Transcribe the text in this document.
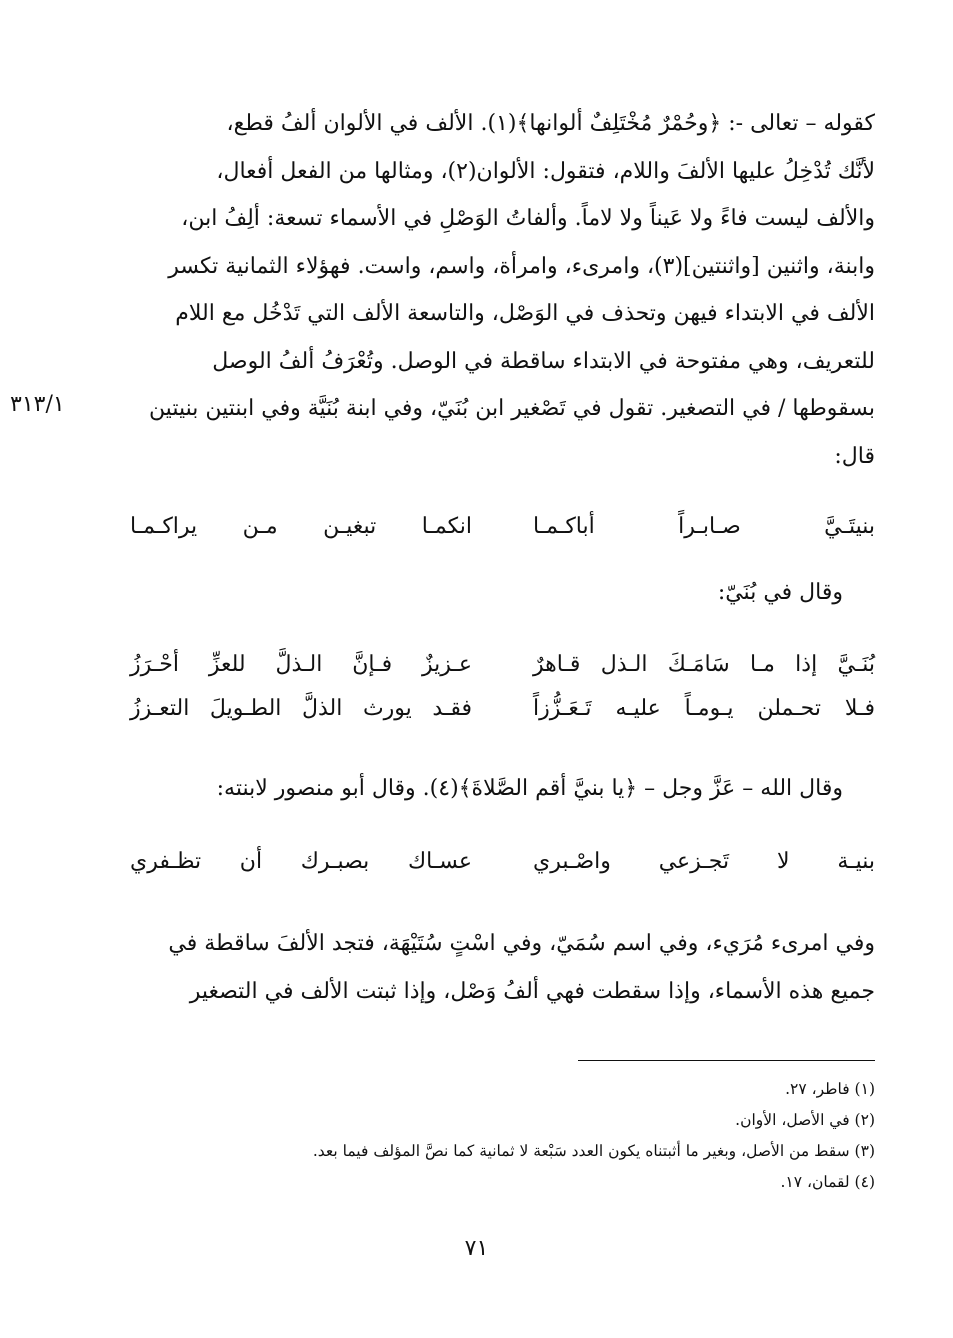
كقوله – تعالى -: ﴿وحُمْرٌ مُخْتَلِفٌ ألوانها﴾(١). الألف في الألوان ألفُ قطع،
لأنَّك تُدْخِلُ عليها الألفَ واللام، فتقول: الألوان(٢)، ومثالها من الفعل أفعال،
والألف ليست فاءً ولا عَيناً ولا لاماً. وألفاتُ الوَصْلِ في الأسماء تسعة: ألِفُ ابن،
وابنة، واثنين [واثنتين](٣)، وامرىء، وامرأة، واسم، واست. فهؤلاء الثمانية تكسر
الألف في الابتداء فيهن وتحذف في الوَصْل، والتاسعة الألف التي تَدْخُل مع اللام
للتعريف، وهي مفتوحة في الابتداء ساقطة في الوصل. وتُعْرَفُ ألفُ الوصل
بسقوطها / في التصغير. تقول في تَصْغير ابن بُنَيّ، وفي ابنة بُنَيَّة وفي ابنتين بنيتين
قال:
٣١٣/١
بنيتَـيَّ
صـابـراً
أباكـمـا
انكمـا
تبغيـن
مـن
يراكـمـا
وقال في بُنَيّ:
بُنَـيَّ
إذا
مـا
سَامَـكَ
الـذل
قـاهرٌ
عـزيزٌ
فـإنَّ
الـذلَّ
للعزِّ
أحْـرَزُ
فـلا
تحـملن
يـومـاً
عليـه
تَـعَـزُّزاً
فقـد
يورث
الذلَّ
الطـويلَ
التعـززُ
وقال الله – عَزَّ وجل – ﴿يا بنيَّ أقم الصَّلاةَ﴾(٤). وقال أبو منصور لابنته:
بنيـة
لا
تَجـزعي
واصْـبري
عسـاك
بصبـرك
أن
تظـفري
وفي امرىء مُرَيء، وفي اسم سُمَيّ، وفي اسْتٍ سُتَيْهَة، فتجد الألفَ ساقطة في
جميع هذه الأسماء، وإذا سقطت فهي ألفُ وَصْل، وإذا ثبتت الألف في التصغير
(١) فاطر، ٢٧.
(٢) في الأصل، الأوان.
(٣) سقط من الأصل، وبغير ما أثبتناه يكون العدد سَبْعة لا ثمانية كما نصَّ المؤلف فيما بعد.
(٤) لقمان، ١٧.
٧١
